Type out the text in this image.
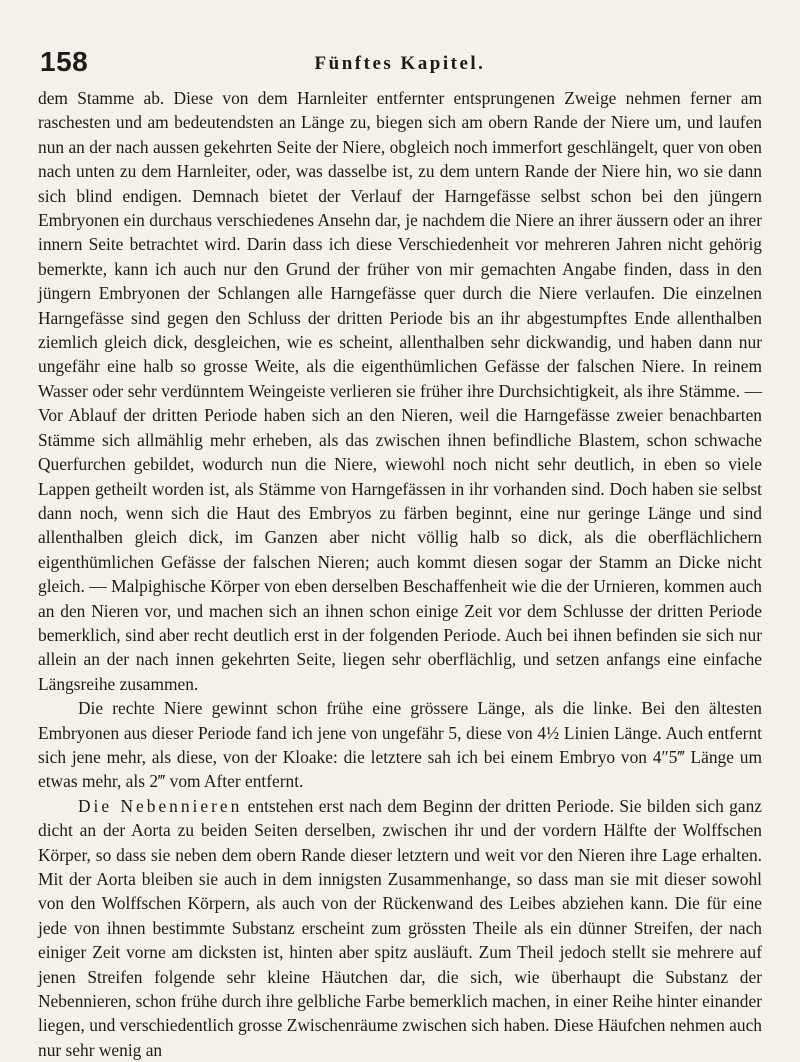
158	Fünftes Kapitel.

dem Stamme ab. Diese von dem Harnleiter entfernter entsprungenen Zweige nehmen ferner am raschesten und am bedeutendsten an Länge zu, biegen sich am obern Rande der Niere um, und laufen nun an der nach aussen gekehrten Seite der Niere, obgleich noch immerfort geschlängelt, quer von oben nach unten zu dem Harnleiter, oder, was dasselbe ist, zu dem untern Rande der Niere hin, wo sie dann sich blind endigen. Demnach bietet der Verlauf der Harngefässe selbst schon bei den jüngern Embryonen ein durchaus verschiedenes Ansehn dar, je nachdem die Niere an ihrer äussern oder an ihrer innern Seite betrachtet wird. Darin dass ich diese Verschiedenheit vor mehreren Jahren nicht gehörig bemerkte, kann ich auch nur den Grund der früher von mir gemachten Angabe finden, dass in den jüngern Embryonen der Schlangen alle Harngefässe quer durch die Niere verlaufen. Die einzelnen Harngefässe sind gegen den Schluss der dritten Periode bis an ihr abgestumpftes Ende allenthalben ziemlich gleich dick, desgleichen, wie es scheint, allenthalben sehr dickwandig, und haben dann nur ungefähr eine halb so grosse Weite, als die eigenthümlichen Gefässe der falschen Niere. In reinem Wasser oder sehr verdünntem Weingeiste verlieren sie früher ihre Durchsichtigkeit, als ihre Stämme. — Vor Ablauf der dritten Periode haben sich an den Nieren, weil die Harngefässe zweier benachbarten Stämme sich allmählig mehr erheben, als das zwischen ihnen befindliche Blastem, schon schwache Querfurchen gebildet, wodurch nun die Niere, wiewohl noch nicht sehr deutlich, in eben so viele Lappen getheilt worden ist, als Stämme von Harngefässen in ihr vorhanden sind. Doch haben sie selbst dann noch, wenn sich die Haut des Embryos zu färben beginnt, eine nur geringe Länge und sind allenthalben gleich dick, im Ganzen aber nicht völlig halb so dick, als die oberflächlichern eigenthümlichen Gefässe der falschen Nieren; auch kommt diesen sogar der Stamm an Dicke nicht gleich. — Malpighische Körper von eben derselben Beschaffenheit wie die der Urnieren, kommen auch an den Nieren vor, und machen sich an ihnen schon einige Zeit vor dem Schlusse der dritten Periode bemerklich, sind aber recht deutlich erst in der folgenden Periode. Auch bei ihnen befinden sie sich nur allein an der nach innen gekehrten Seite, liegen sehr oberflächlig, und setzen anfangs eine einfache Längsreihe zusammen.

Die rechte Niere gewinnt schon frühe eine grössere Länge, als die linke. Bei den ältesten Embryonen aus dieser Periode fand ich jene von ungefähr 5, diese von 4½ Linien Länge. Auch entfernt sich jene mehr, als diese, von der Kloake: die letztere sah ich bei einem Embryo von 4″5‴ Länge um etwas mehr, als 2‴ vom After entfernt.

Die Nebennieren entstehen erst nach dem Beginn der dritten Periode. Sie bilden sich ganz dicht an der Aorta zu beiden Seiten derselben, zwischen ihr und der vordern Hälfte der Wolffschen Körper, so dass sie neben dem obern Rande dieser letztern und weit vor den Nieren ihre Lage erhalten. Mit der Aorta bleiben sie auch in dem innigsten Zusammenhange, so dass man sie mit dieser sowohl von den Wolffschen Körpern, als auch von der Rückenwand des Leibes abziehen kann. Die für eine jede von ihnen bestimmte Substanz erscheint zum grössten Theile als ein dünner Streifen, der nach einiger Zeit vorne am dicksten ist, hinten aber spitz ausläuft. Zum Theil jedoch stellt sie mehrere auf jenen Streifen folgende sehr kleine Häutchen dar, die sich, wie überhaupt die Substanz der Nebennieren, schon frühe durch ihre gelbliche Farbe bemerklich machen, in einer Reihe hinter einander liegen, und verschiedentlich grosse Zwischenräume zwischen sich haben. Diese Häufchen nehmen auch nur sehr wenig an
